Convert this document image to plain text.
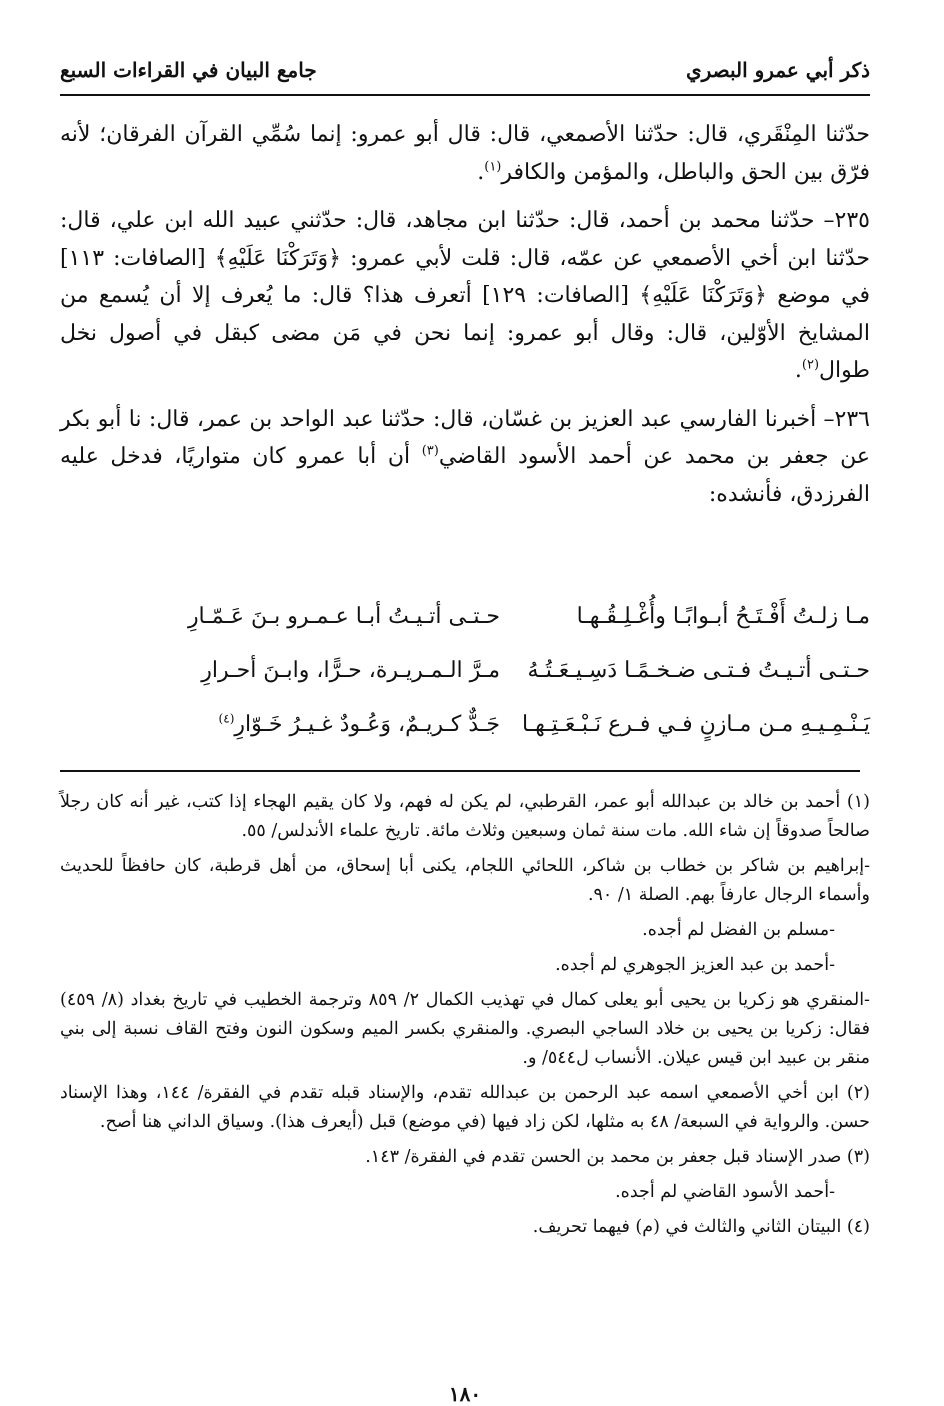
ذكر أبي عمرو البصري
جامع البيان في القراءات السبع

حدّثنا المِنْقَري، قال: حدّثنا الأصمعي، قال: قال أبو عمرو: إنما سُمِّي القرآن الفرقان؛ لأنه فرّق بين الحق والباطل، والمؤمن والكافر$^{(١)}$.

٢٣٥– حدّثنا محمد بن أحمد، قال: حدّثنا ابن مجاهد، قال: حدّثني عبيد الله ابن علي، قال: حدّثنا ابن أخي الأصمعي عن عمّه، قال: قلت لأبي عمرو: ﴿وَتَرَكْنَا عَلَيْهِ﴾ [الصافات: ١١٣] في موضع ﴿وَتَرَكْنَا عَلَيْهِ﴾ [الصافات: ١٢٩] أتعرف هذا؟ قال: ما يُعرف إلا أن يُسمع من المشايخ الأوّلين، قال: وقال أبو عمرو: إنما نحن في مَن مضى كبقل في أصول نخل طوال$^{(٢)}$.

٢٣٦– أخبرنا الفارسي عبد العزيز بن غسّان، قال: حدّثنا عبد الواحد بن عمر، قال: نا أبو بكر عن جعفر بن محمد عن أحمد الأسود القاضي$^{(٣)}$ أن أبا عمرو كان متواريًا، فدخل عليه الفرزدق، فأنشده:

مـا زلـتُ أَفْـتَـحُ أبـوابًـا وأُغْـلِـقُـهـا
حـتـى أتـيـتُ أبـا عـمـرو بـنَ عَـمّـارِ
حـتـى أتـيـتُ فـتـى ضـخـمًـا دَسِـيـعَـتُـهُ
مـرَّ الـمـريـرة، حـرًّا، وابـنَ أحـرارِ
يَـنْـمِـيـهِ مـن مـازنٍ فـي فـرع نَـبْـعَـتِـهـا
جَـدٌّ كـريـمٌ، وَعُـودٌ غـيـرُ خَـوّارِ$^{(٤)}$

(١) أحمد بن خالد بن عبدالله أبو عمر، القرطبي، لم يكن له فهم، ولا كان يقيم الهجاء إذا كتب، غير أنه كان رجلاً صالحاً صدوقاً إن شاء الله. مات سنة ثمان وسبعين وثلاث مائة. تاريخ علماء الأندلس/ ٥٥.

-إبراهيم بن شاكر بن خطاب بن شاكر، اللحائي اللجام، يكنى أبا إسحاق، من أهل قرطبة، كان حافظاً للحديث وأسماء الرجال عارفاً بهم. الصلة ١/ ٩٠.

-مسلم بن الفضل لم أجده.

-أحمد بن عبد العزيز الجوهري لم أجده.

-المنقري هو زكريا بن يحيى أبو يعلى كمال في تهذيب الكمال ٢/ ٨٥٩ وترجمة الخطيب في تاريخ بغداد (٨/ ٤٥٩) فقال: زكريا بن يحيى بن خلاد الساجي البصري. والمنقري بكسر الميم وسكون النون وفتح القاف نسبة إلى بني منقر بن عبيد ابن قيس عيلان. الأنساب ل٥٤٤/ و.

(٢) ابن أخي الأصمعي اسمه عبد الرحمن بن عبدالله تقدم، والإسناد قبله تقدم في الفقرة/ ١٤٤، وهذا الإسناد حسن. والرواية في السبعة/ ٤٨ به مثلها، لكن زاد فيها (في موضع) قبل (أيعرف هذا). وسياق الداني هنا أصح.

(٣) صدر الإسناد قبل جعفر بن محمد بن الحسن تقدم في الفقرة/ ١٤٣.

-أحمد الأسود القاضي لم أجده.

(٤) البيتان الثاني والثالث في (م) فيهما تحريف.

١٨٠
